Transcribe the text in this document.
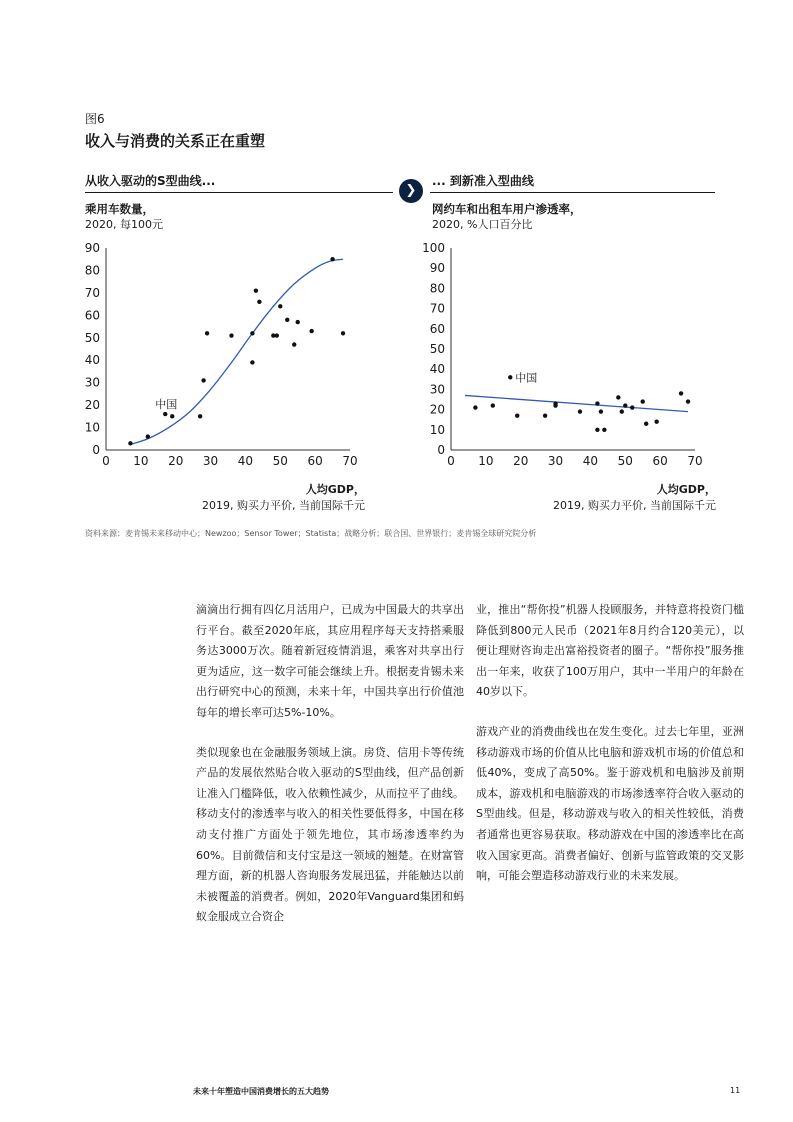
图6
收入与消费的关系正在重塑
从收入驱动的S型曲线...
❯
... 到新准入型曲线
乘用车数量，
2020, 每100元
网约车和出租车用户渗透率，
2020, %人口百分比
0
10
20
30
40
50
60
70
80
90
0 10 20 30 40 50 60 70
中国
0
10
20
30
40
50
60
70
80
90
100
0 10 20 30 40 50 60 70
中国
人均GDP，
2019, 购买力平价, 当前国际千元
人均GDP，
2019, 购买力平价, 当前国际千元
资料来源：麦肯锡未来移动中心；Newzoo；Sensor Tower；Statista；战略分析；联合国、世界银行；麦肯锡全球研究院分析

滴滴出行拥有四亿月活用户，已成为中国最大的共享出行平台。截至2020年底，其应用程序每天支持搭乘服务达3000万次。随着新冠疫情消退，乘客对共享出行更为适应，这一数字可能会继续上升。根据麦肯锡未来出行研究中心的预测，未来十年，中国共享出行价值池每年的增长率可达5%-10%。

类似现象也在金融服务领域上演。房贷、信用卡等传统产品的发展依然贴合收入驱动的S型曲线，但产品创新让准入门槛降低，收入依赖性减少，从而拉平了曲线。移动支付的渗透率与收入的相关性要低得多，中国在移动支付推广方面处于领先地位，其市场渗透率约为60%。目前微信和支付宝是这一领域的翘楚。在财富管理方面，新的机器人咨询服务发展迅猛，并能触达以前未被覆盖的消费者。例如，2020年Vanguard集团和蚂蚁金服成立合资企

业，推出“帮你投”机器人投顾服务，并特意将投资门槛降低到800元人民币（2021年8月约合120美元），以便让理财咨询走出富裕投资者的圈子。“帮你投”服务推出一年来，收获了100万用户，其中一半用户的年龄在40岁以下。

游戏产业的消费曲线也在发生变化。过去七年里，亚洲移动游戏市场的价值从比电脑和游戏机市场的价值总和低40%，变成了高50%。鉴于游戏机和电脑涉及前期成本，游戏机和电脑游戏的市场渗透率符合收入驱动的S型曲线。但是，移动游戏与收入的相关性较低，消费者通常也更容易获取。移动游戏在中国的渗透率比在高收入国家更高。消费者偏好、创新与监管政策的交叉影响，可能会塑造移动游戏行业的未来发展。

未来十年塑造中国消费增长的五大趋势	11
